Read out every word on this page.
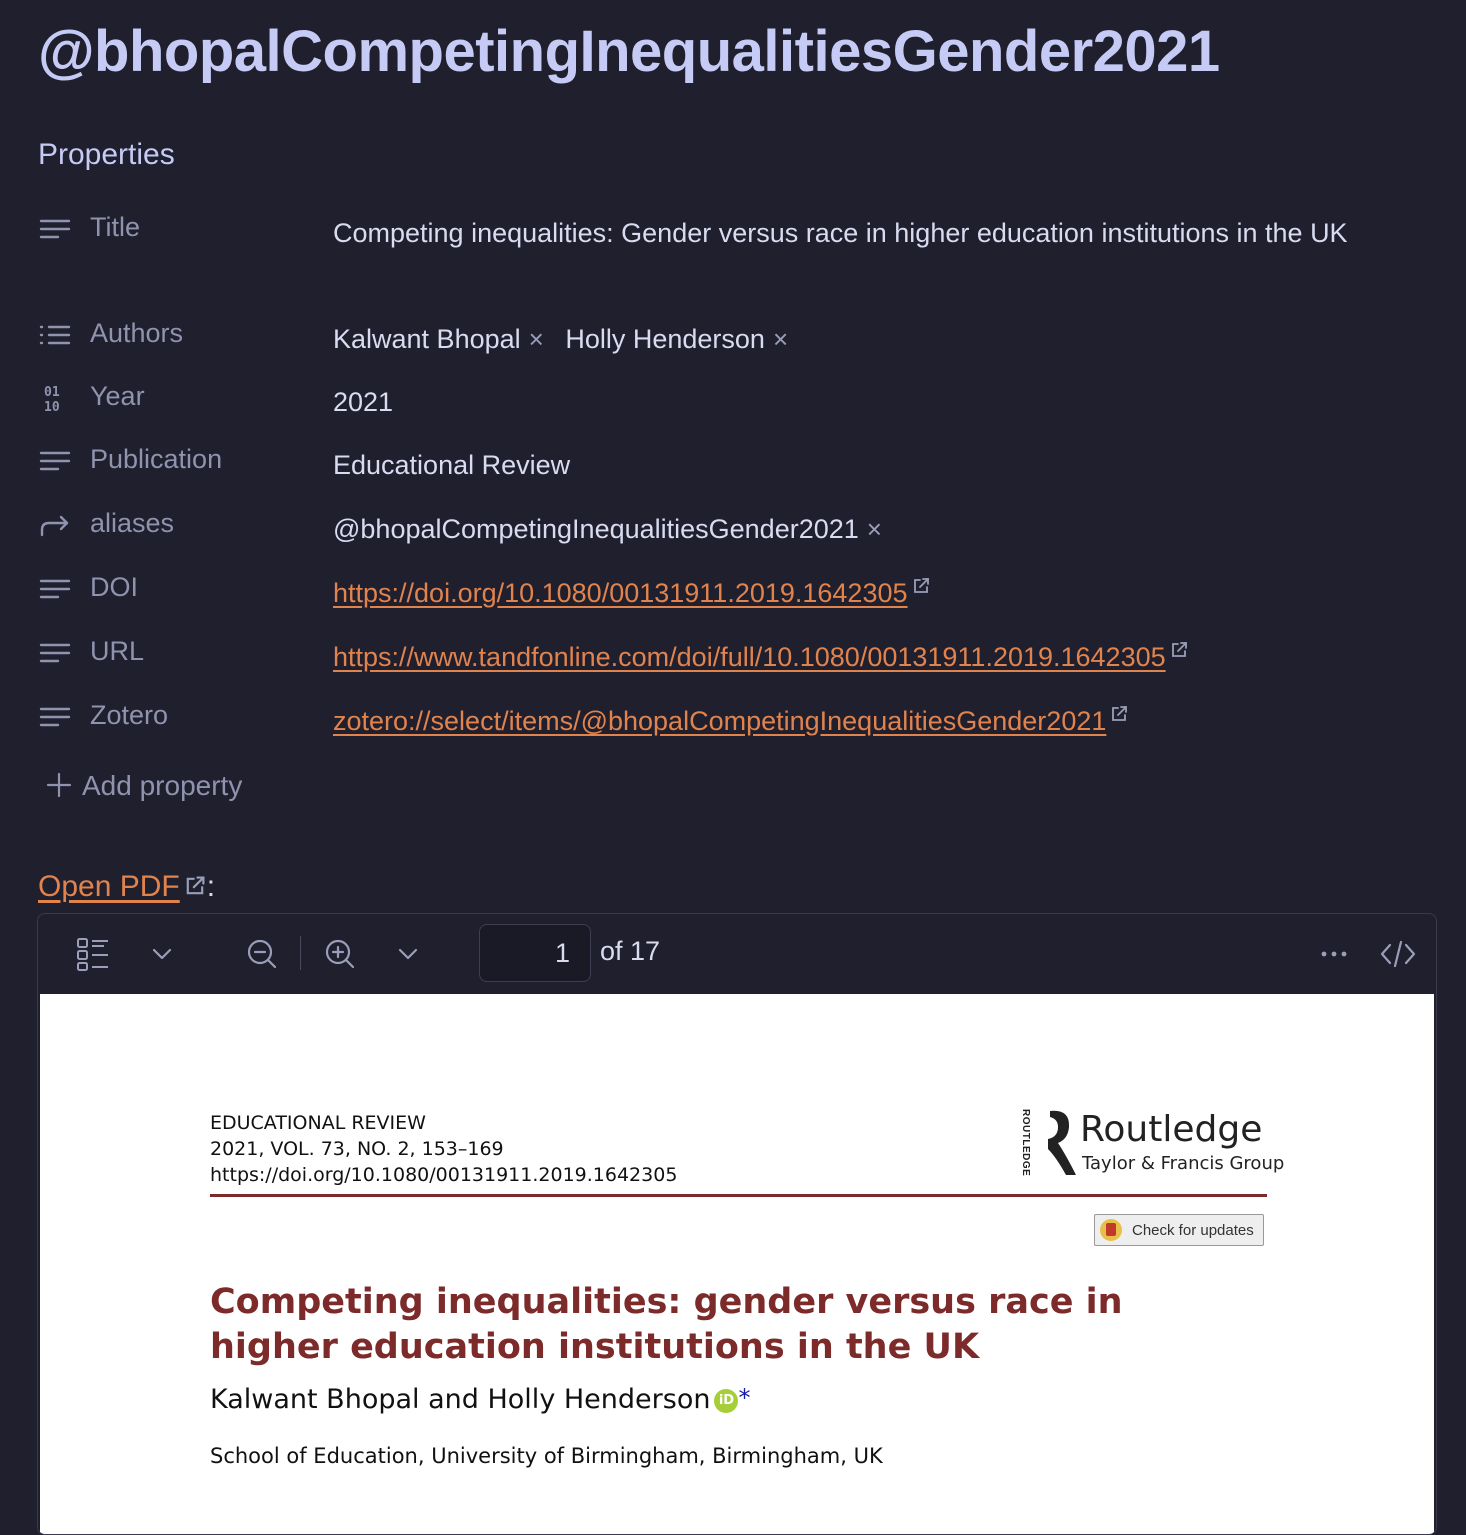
@bhopalCompetingInequalitiesGender2021
Properties
Title	Competing inequalities: Gender versus race in higher education institutions in the UK
Authors	Kalwant Bhopal ×
Holly Henderson ×
01
10 Year	2021
Publication	Educational Review
aliases	@bhopalCompetingInequalitiesGender2021 ×
DOI	https://doi.org/10.1080/00131911.2019.1642305
URL	https://www.tandfonline.com/doi/full/10.1080/00131911.2019.1642305
Zotero	zotero://select/items/@bhopalCompetingInequalitiesGender2021
Add property
Open PDF :
1	of 17
EDUCATIONAL REVIEW
2021, VOL. 73, NO. 2, 153–169
https://doi.org/10.1080/00131911.2019.1642305	ROUTLEDGE Routledge
Taylor & Francis Group
Check for updates
Competing inequalities: gender versus race in higher education institutions in the UK
Kalwant Bhopal and Holly Henderson iD *
School of Education, University of Birmingham, Birmingham, UK
